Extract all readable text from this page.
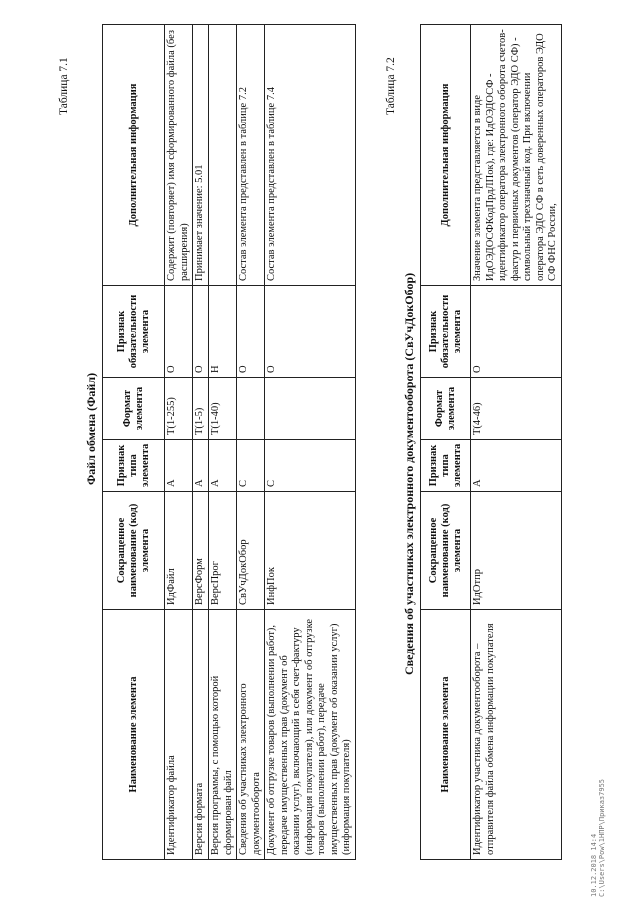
Таблица 7.1
Файл обмена (Файл)
Наименование элемента	Сокращенное наименование (код) элемента	Признак типа элемента	Формат элемента	Признак обязательности элемента	Дополнительная информация
Идентификатор файла	ИдФайл	А	T(1-255)	О	Содержит (повторяет) имя сформированного файла (без расширения)
Версия формата	ВерсФорм	А	T(1-5)	О	Принимает значение: 5.01
Версия программы, с помощью которой сформирован файл	ВерсПрог	А	T(1-40)	Н	
Сведения об участниках электронного документооборота	СвУчДокОбор	С		О	Состав элемента представлен в таблице 7.2
Документ об отгрузке товаров (выполнении работ), передаче имущественных прав (документ об оказании услуг), включающий в себя счет-фактуру (информация покупателя), или документ об отгрузке товаров (выполнении работ), передаче имущественных прав (документ об оказании услуг) (информация покупателя)	ИнфПок	С		О	Состав элемента представлен в таблице 7.4
Таблица 7.2
Сведения об участниках электронного документооборота (СвУчДокОбор)
Наименование элемента	Сокращенное наименование (код) элемента	Признак типа элемента	Формат элемента	Признак обязательности элемента	Дополнительная информация
Идентификатор участника документооборота – отправителя файла обмена информации покупателя	ИдОтпр	А	T(4-46)	О	Значение элемента представляется в виде ИдОЭДОСФКодПрдЛПок), где: ИдОЭДОСФ - идентификатор оператора электронного оборота счетов-фактур и первичных документов (оператор ЭДО СФ) - символьный трехзначный код. При включении оператора ЭДО СФ в сеть доверенных операторов ЭДО СФ ФНС России,
10.12.2018 14:4 С:\Users\Pow\1НПР\Приказ7955
